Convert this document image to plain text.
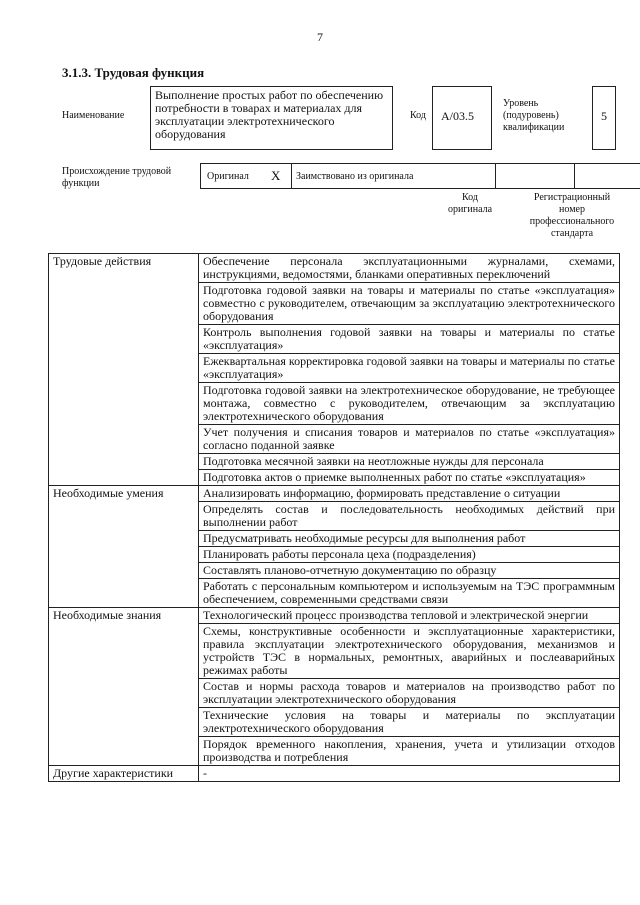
7
3.1.3. Трудовая функция
Наименование
Выполнение простых работ по обеспечению потребности в товарах и материалах для эксплуатации электротехнического оборудования
Код	А/03.5
Уровень (подуровень) квалификации
5
Происхождение трудовой функции
Оригинал X Заимствовано из оригинала
Код оригинала
Регистрационный номер профессионального стандарта
Трудовые действия	Обеспечение персонала эксплуатационными журналами, схемами, инструкциями, ведомостями, бланками оперативных переключений
Подготовка годовой заявки на товары и материалы по статье «эксплуатация» совместно с руководителем, отвечающим за эксплуатацию электротехнического оборудования
Контроль выполнения годовой заявки на товары и материалы по статье «эксплуатация»
Ежеквартальная корректировка годовой заявки на товары и материалы по статье «эксплуатация»
Подготовка годовой заявки на электротехническое оборудование, не требующее монтажа, совместно с руководителем, отвечающим за эксплуатацию электротехнического оборудования
Учет получения и списания товаров и материалов по статье «эксплуатация» согласно поданной заявке
Подготовка месячной заявки на неотложные нужды для персонала
Подготовка актов о приемке выполненных работ по статье «эксплуатация»
Необходимые умения	Анализировать информацию, формировать представление о ситуации
Определять состав и последовательность необходимых действий при выполнении работ
Предусматривать необходимые ресурсы для выполнения работ
Планировать работы персонала цеха (подразделения)
Составлять планово-отчетную документацию по образцу
Работать с персональным компьютером и используемым на ТЭС программным обеспечением, современными средствами связи
Необходимые знания	Технологический процесс производства тепловой и электрической энергии
Схемы, конструктивные особенности и эксплуатационные характеристики, правила эксплуатации электротехнического оборудования, механизмов и устройств ТЭС в нормальных, ремонтных, аварийных и послеаварийных режимах работы
Состав и нормы расхода товаров и материалов на производство работ по эксплуатации электротехнического оборудования
Технические условия на товары и материалы по эксплуатации электротехнического оборудования
Порядок временного накопления, хранения, учета и утилизации отходов производства и потребления
Другие характеристики	-
